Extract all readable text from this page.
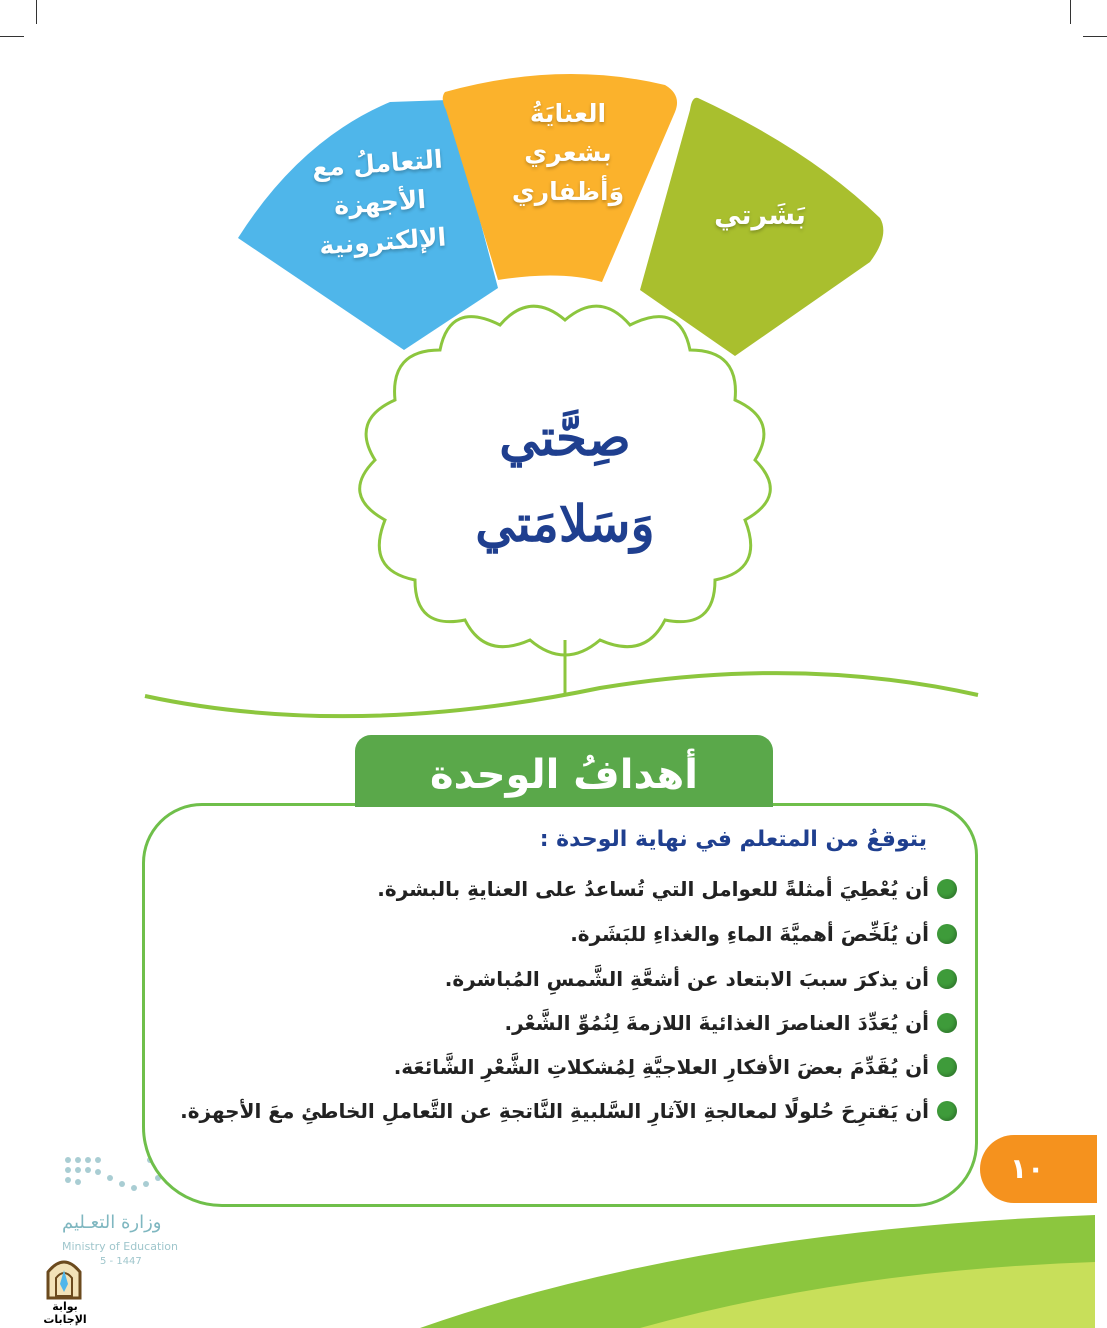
التعاملُ مع
الأجهزة
الإلكترونية
العنايَةُ
بشعري
وَأظفاري
بَشَرتي
صِحَّتي
وَسَلامَتي
أهدافُ الوحدة
يتوقعُ من المتعلم في نهاية الوحدة :
أن يُعْطِيَ أمثلةً للعوامل التي تُساعدُ على العنايةِ بالبشرة.
أن يُلَخِّصَ أهميَّةَ الماءِ والغذاءِ للبَشَرة.
أن يذكرَ سببَ الابتعاد عن أشعَّةِ الشَّمسِ المُباشرة.
أن يُعَدِّدَ العناصرَ الغذائيةَ اللازمةَ لِنُمُوِّ الشَّعْر.
أن يُقَدِّمَ بعضَ الأفكارِ العلاجيَّةِ لِمُشكلاتِ الشَّعْرِ الشَّائعَة.
أن يَقترِحَ حُلولًا لمعالجةِ الآثارِ السَّلبيةِ النَّاتجةِ عن التَّعاملِ الخاطئِ معَ الأجهزة.
١٠
وزارة التعـليم
Ministry of Education
5 - 1447
بوابة الإجابات
